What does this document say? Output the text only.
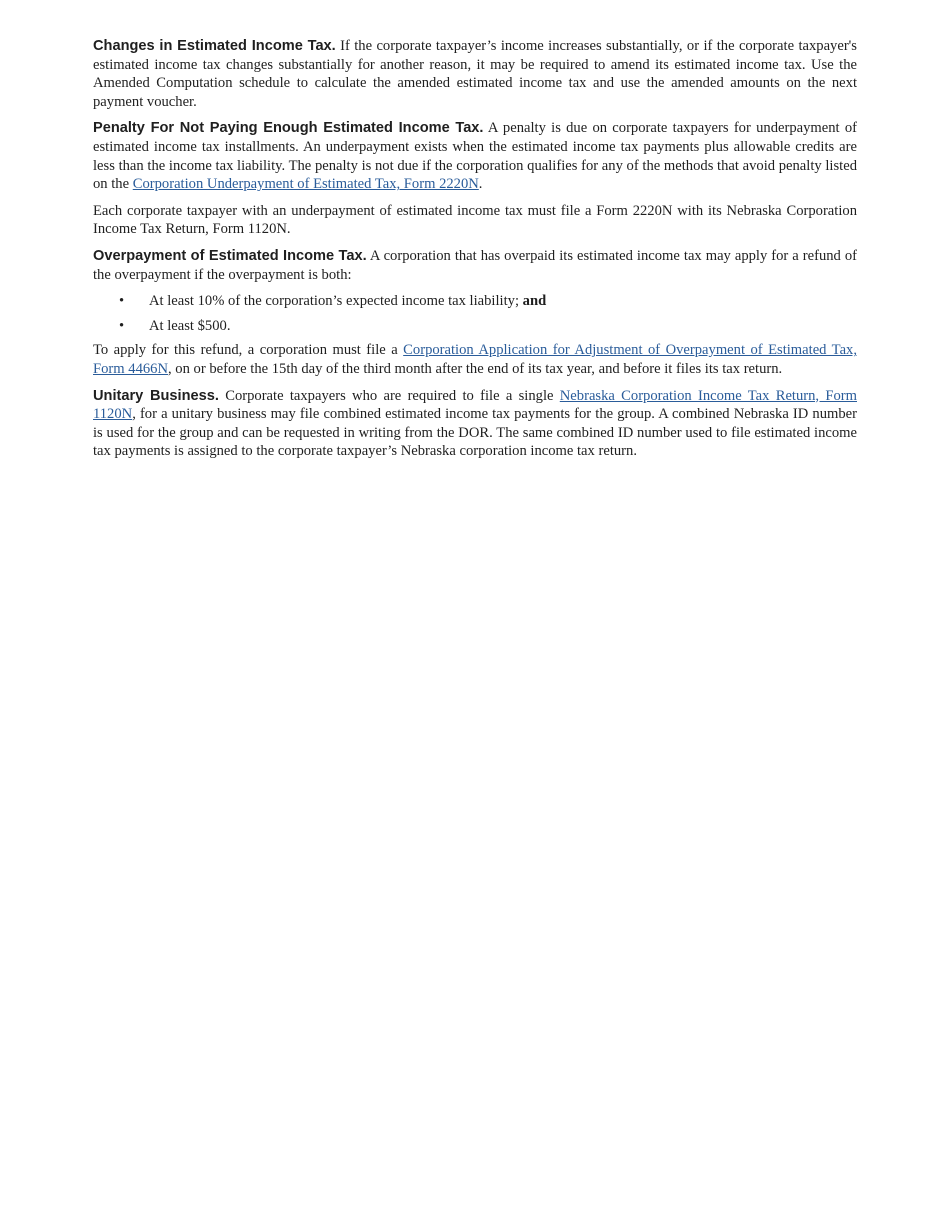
Changes in Estimated Income Tax. If the corporate taxpayer’s income increases substantially, or if the corporate taxpayer's estimated income tax changes substantially for another reason, it may be required to amend its estimated income tax. Use the Amended Computation schedule to calculate the amended estimated income tax and use the amended amounts on the next payment voucher.

Penalty For Not Paying Enough Estimated Income Tax. A penalty is due on corporate taxpayers for underpayment of estimated income tax installments. An underpayment exists when the estimated income tax payments plus allowable credits are less than the income tax liability. The penalty is not due if the corporation qualifies for any of the methods that avoid penalty listed on the Corporation Underpayment of Estimated Tax, Form 2220N.

Each corporate taxpayer with an underpayment of estimated income tax must file a Form 2220N with its Nebraska Corporation Income Tax Return, Form 1120N.

Overpayment of Estimated Income Tax. A corporation that has overpaid its estimated income tax may apply for a refund of the overpayment if the overpayment is both:

• At least 10% of the corporation’s expected income tax liability; and
• At least $500.

To apply for this refund, a corporation must file a Corporation Application for Adjustment of Overpayment of Estimated Tax, Form 4466N, on or before the 15th day of the third month after the end of its tax year, and before it files its tax return.

Unitary Business. Corporate taxpayers who are required to file a single Nebraska Corporation Income Tax Return, Form 1120N, for a unitary business may file combined estimated income tax payments for the group. A combined Nebraska ID number is used for the group and can be requested in writing from the DOR. The same combined ID number used to file estimated income tax payments is assigned to the corporate taxpayer’s Nebraska corporation income tax return.
